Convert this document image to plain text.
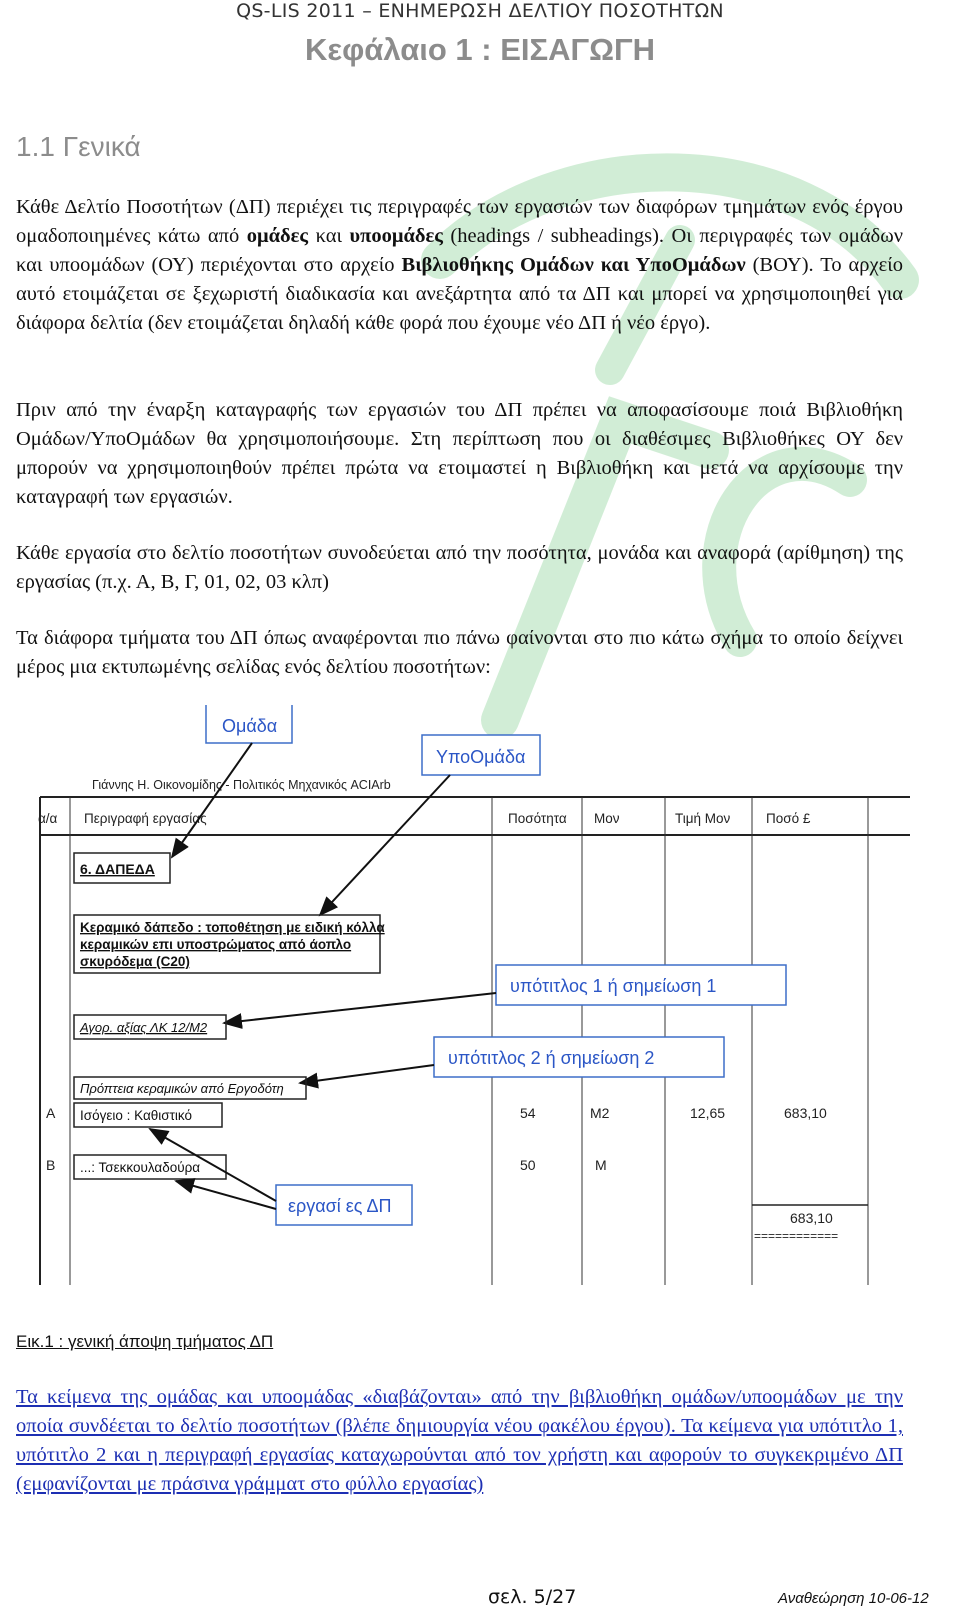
QS-LIS 2011 – ΕΝΗΜΕΡΩΣΗ ΔΕΛΤΙΟΥ ΠΟΣΟΤΗΤΩΝ
Κεφάλαιο 1 : ΕΙΣΑΓΩΓΗ
1.1 Γενικά
Κάθε Δελτίο Ποσοτήτων (ΔΠ) περιέχει τις περιγραφές των εργασιών των διαφόρων τμημάτων ενός έργου ομαδοποιημένες κάτω από ομάδες και υποομάδες (headings / subheadings). Οι περιγραφές των ομάδων και υποομάδων (ΟΥ) περιέχονται στο αρχείο Βιβλιοθήκης Ομάδων και ΥποΟμάδων (ΒΟΥ). Το αρχείο αυτό ετοιμάζεται σε ξεχωριστή διαδικασία και ανεξάρτητα από τα ΔΠ και μπορεί να χρησιμοποιηθεί για διάφορα δελτία (δεν ετοιμάζεται δηλαδή κάθε φορά που έχουμε νέο ΔΠ ή νέο έργο).
Πριν από την έναρξη καταγραφής των εργασιών του ΔΠ πρέπει να αποφασίσουμε ποιά Βιβλιοθήκη Ομάδων/ΥποΟμάδων θα χρησιμοποιήσουμε. Στη περίπτωση που οι διαθέσιμες Βιβλιοθήκες ΟΥ δεν μπορούν να χρησιμοποιηθούν πρέπει πρώτα να ετοιμαστεί η Βιβλιοθήκη και μετά να αρχίσουμε την καταγραφή των εργασιών.
Κάθε εργασία στο δελτίο ποσοτήτων συνοδεύεται από την ποσότητα, μονάδα και αναφορά (αρίθμηση) της εργασίας (π.χ. Α, Β, Γ, 01, 02, 03 κλπ)
Τα διάφορα τμήματα του ΔΠ όπως αναφέρονται πιο πάνω φαίνονται στο πιο κάτω σχήμα το οποίο δείχνει μέρος μια εκτυπωμένης σελίδας ενός δελτίου ποσοτήτων:
Γιάννης Η. Οικονομίδης - Πολιτικός Μηχανικός ACIArb
α/α Περιγραφή εργασίας	Ποσότητα Μον	Τιμή Μον	Ποσό £
Ομάδα
ΥποΟμάδα
6. ΔΑΠΕΔΑ
Κεραμικό δάπεδο : τοποθέτηση με ειδική κόλλα
κεραμικών επι υποστρώματος από άοπλο
σκυρόδεμα (C20)
υπότιτλος 1 ή σημείωση 1
Αγορ. αξίας ΛΚ 12/Μ2
υπότιτλος 2 ή σημείωση 2
Πρόπτεια κεραμικών από Εργοδότη
Α Ισόγειο : Καθιστικό	54	Μ2	12,65	683,10
Β ...: Τσεκκουλαδούρα	50	Μ
εργασί ες ΔΠ
683,10
============
Εικ.1 : γενική άποψη τμήματος ΔΠ
Τα κείμενα της ομάδας και υποομάδας «διαβάζονται» από την βιβλιοθήκη ομάδων/υποομάδων με την οποία συνδέεται το δελτίο ποσοτήτων (βλέπε δημιουργία νέου φακέλου έργου). Τα κείμενα για υπότιτλο 1, υπότιτλο 2 και η περιγραφή εργασίας καταχωρούνται από τον χρήστη και αφορούν το συγκεκριμένο ΔΠ (εμφανίζονται με πράσινα γράμματ στο φύλλο εργασίας)
σελ. 5/27	Αναθεώρηση 10-06-12
